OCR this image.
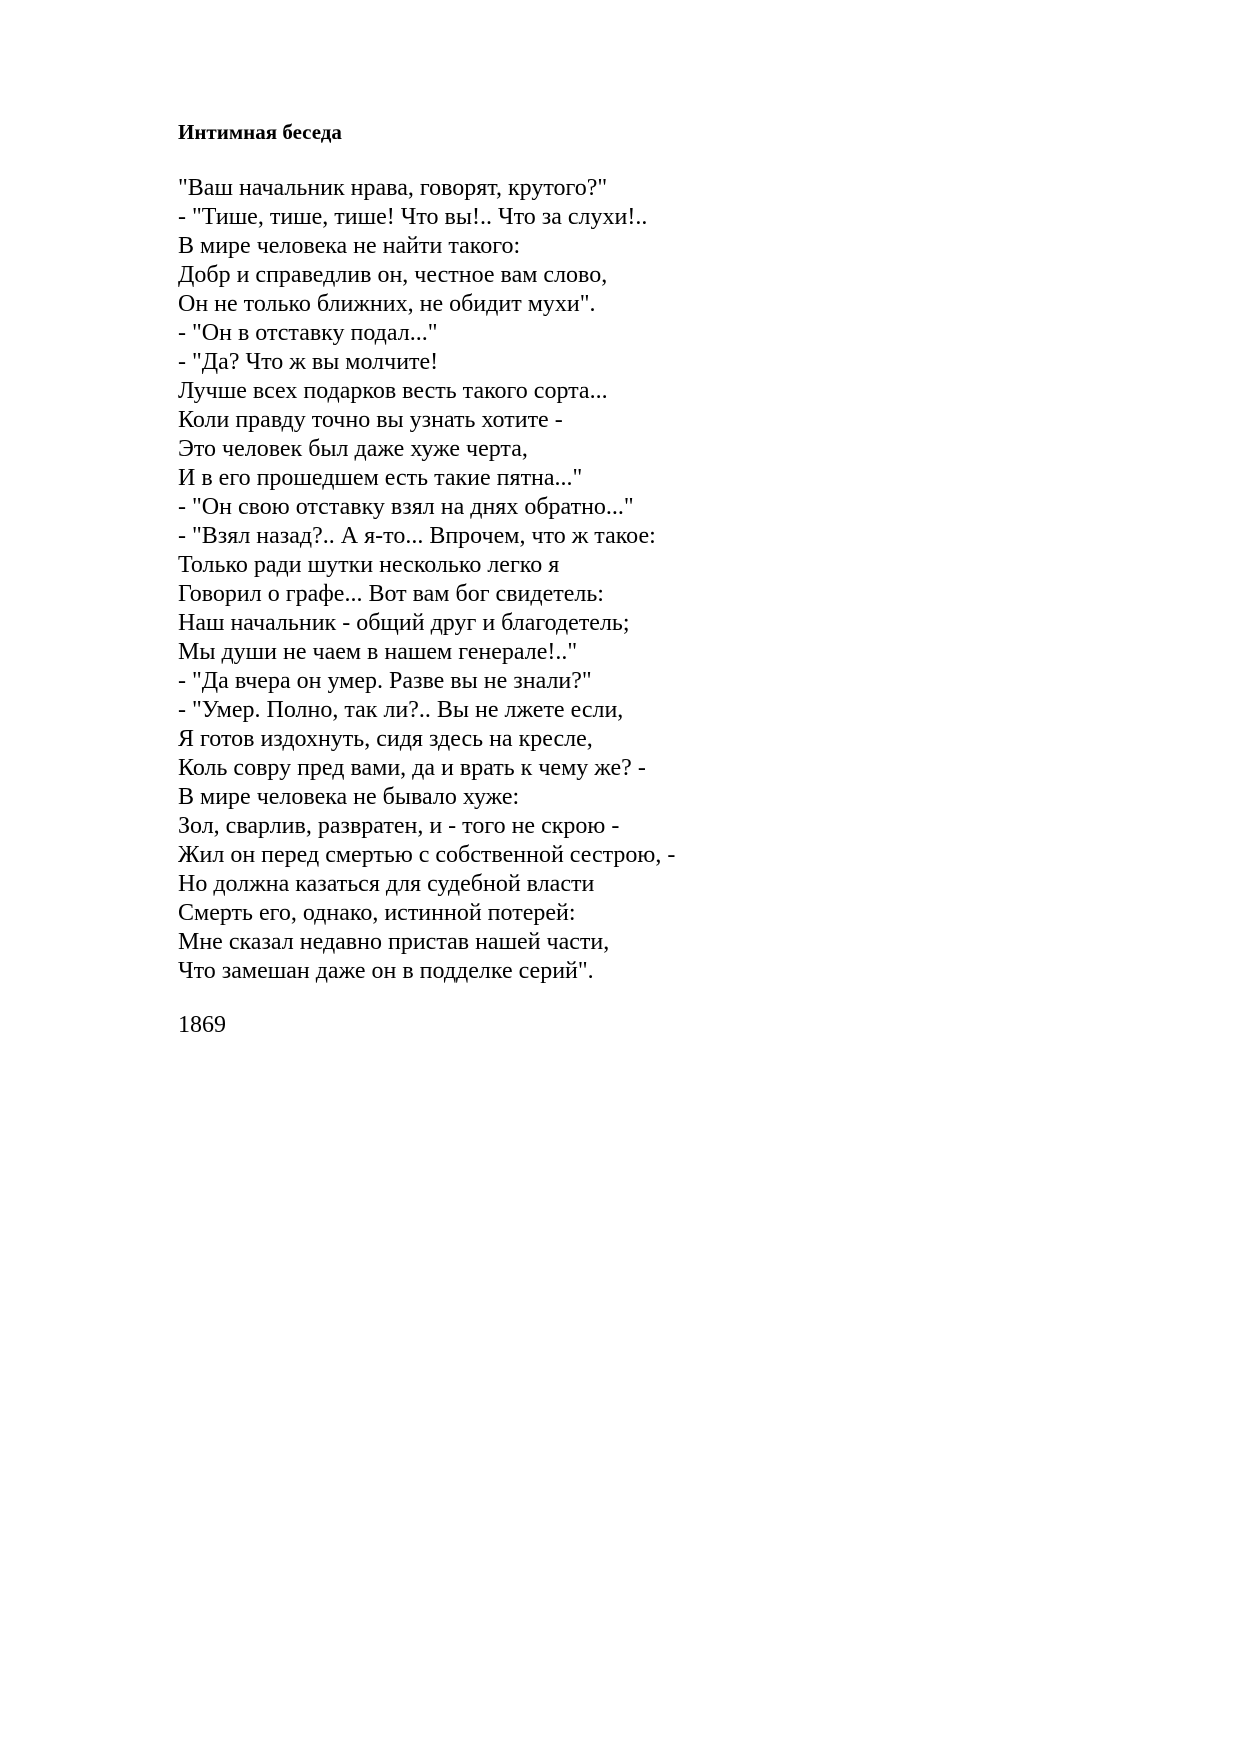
Интимная беседа
"Ваш начальник нрава, говорят, крутого?"
- "Тише, тише, тише! Что вы!.. Что за слухи!..
В мире человека не найти такого:
Добр и справедлив он, честное вам слово,
Он не только ближних, не обидит мухи".
- "Он в отставку подал..."
- "Да? Что ж вы молчите!
Лучше всех подарков весть такого сорта...
Коли правду точно вы узнать хотите -
Это человек был даже хуже черта,
И в его прошедшем есть такие пятна..."
- "Он свою отставку взял на днях обратно..."
- "Взял назад?.. А я-то... Впрочем, что ж такое:
Только ради шутки несколько легко я
Говорил о графе... Вот вам бог свидетель:
Наш начальник - общий друг и благодетель;
Мы души не чаем в нашем генерале!.."
- "Да вчера он умер. Разве вы не знали?"
- "Умер. Полно, так ли?.. Вы не лжете если,
Я готов издохнуть, сидя здесь на кресле,
Коль совру пред вами, да и врать к чему же? -
В мире человека не бывало хуже:
Зол, сварлив, развратен, и - того не скрою -
Жил он перед смертью с собственной сестрою, -
Но должна казаться для судебной власти
Смерть его, однако, истинной потерей:
Мне сказал недавно пристав нашей части,
Что замешан даже он в подделке серий".

1869
